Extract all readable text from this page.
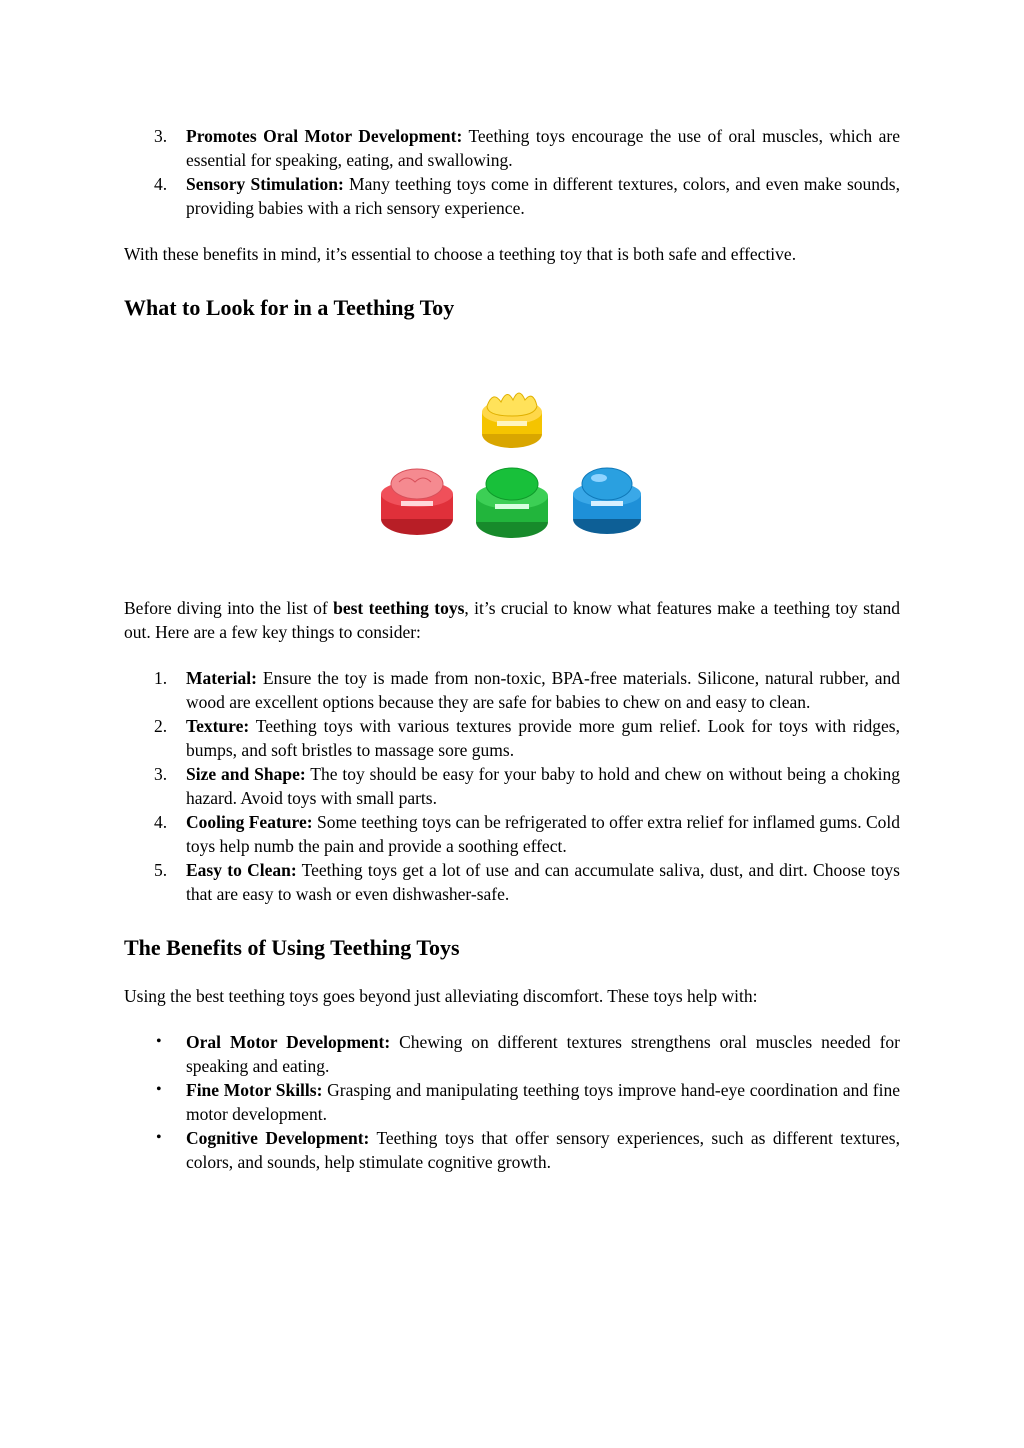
3. Promotes Oral Motor Development: Teething toys encourage the use of oral muscles, which are essential for speaking, eating, and swallowing.
4. Sensory Stimulation: Many teething toys come in different textures, colors, and even make sounds, providing babies with a rich sensory experience.

With these benefits in mind, it’s essential to choose a teething toy that is both safe and effective.

What to Look for in a Teething Toy

Before diving into the list of best teething toys, it’s crucial to know what features make a teething toy stand out. Here are a few key things to consider:

1. Material: Ensure the toy is made from non-toxic, BPA-free materials. Silicone, natural rubber, and wood are excellent options because they are safe for babies to chew on and easy to clean.
2. Texture: Teething toys with various textures provide more gum relief. Look for toys with ridges, bumps, and soft bristles to massage sore gums.
3. Size and Shape: The toy should be easy for your baby to hold and chew on without being a choking hazard. Avoid toys with small parts.
4. Cooling Feature: Some teething toys can be refrigerated to offer extra relief for inflamed gums. Cold toys help numb the pain and provide a soothing effect.
5. Easy to Clean: Teething toys get a lot of use and can accumulate saliva, dust, and dirt. Choose toys that are easy to wash or even dishwasher-safe.
The Benefits of Using Teething Toys

Using the best teething toys goes beyond just alleviating discomfort. These toys help with:

• Oral Motor Development: Chewing on different textures strengthens oral muscles needed for speaking and eating.
• Fine Motor Skills: Grasping and manipulating teething toys improve hand-eye coordination and fine motor development.
• Cognitive Development: Teething toys that offer sensory experiences, such as different textures, colors, and sounds, help stimulate cognitive growth.
